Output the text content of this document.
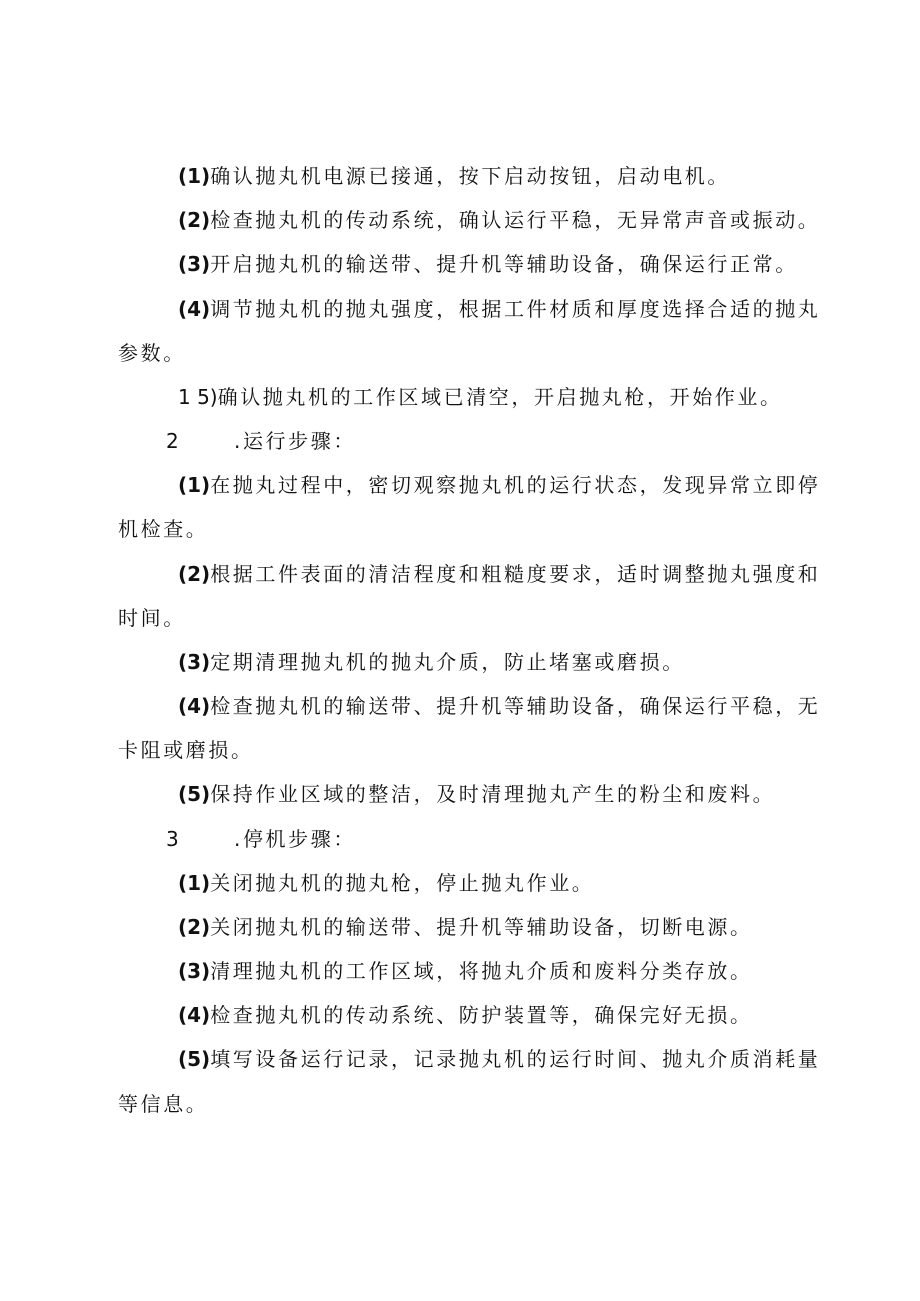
(1)确认抛丸机电源已接通，按下启动按钮，启动电机。
(2)检查抛丸机的传动系统，确认运行平稳，无异常声音或振动。
(3)开启抛丸机的输送带、提升机等辅助设备，确保运行正常。
(4)调节抛丸机的抛丸强度，根据工件材质和厚度选择合适的抛丸
参数。
1 5)确认抛丸机的工作区域已清空，开启抛丸枪，开始作业。
2	.运行步骤：
(1)在抛丸过程中，密切观察抛丸机的运行状态，发现异常立即停
机检查。
(2)根据工件表面的清洁程度和粗糙度要求，适时调整抛丸强度和
时间。
(3)定期清理抛丸机的抛丸介质，防止堵塞或磨损。
(4)检查抛丸机的输送带、提升机等辅助设备，确保运行平稳，无
卡阻或磨损。
(5)保持作业区域的整洁，及时清理抛丸产生的粉尘和废料。
3	.停机步骤：
(1)关闭抛丸机的抛丸枪，停止抛丸作业。
(2)关闭抛丸机的输送带、提升机等辅助设备，切断电源。
(3)清理抛丸机的工作区域，将抛丸介质和废料分类存放。
(4)检查抛丸机的传动系统、防护装置等，确保完好无损。
(5)填写设备运行记录，记录抛丸机的运行时间、抛丸介质消耗量
等信息。
